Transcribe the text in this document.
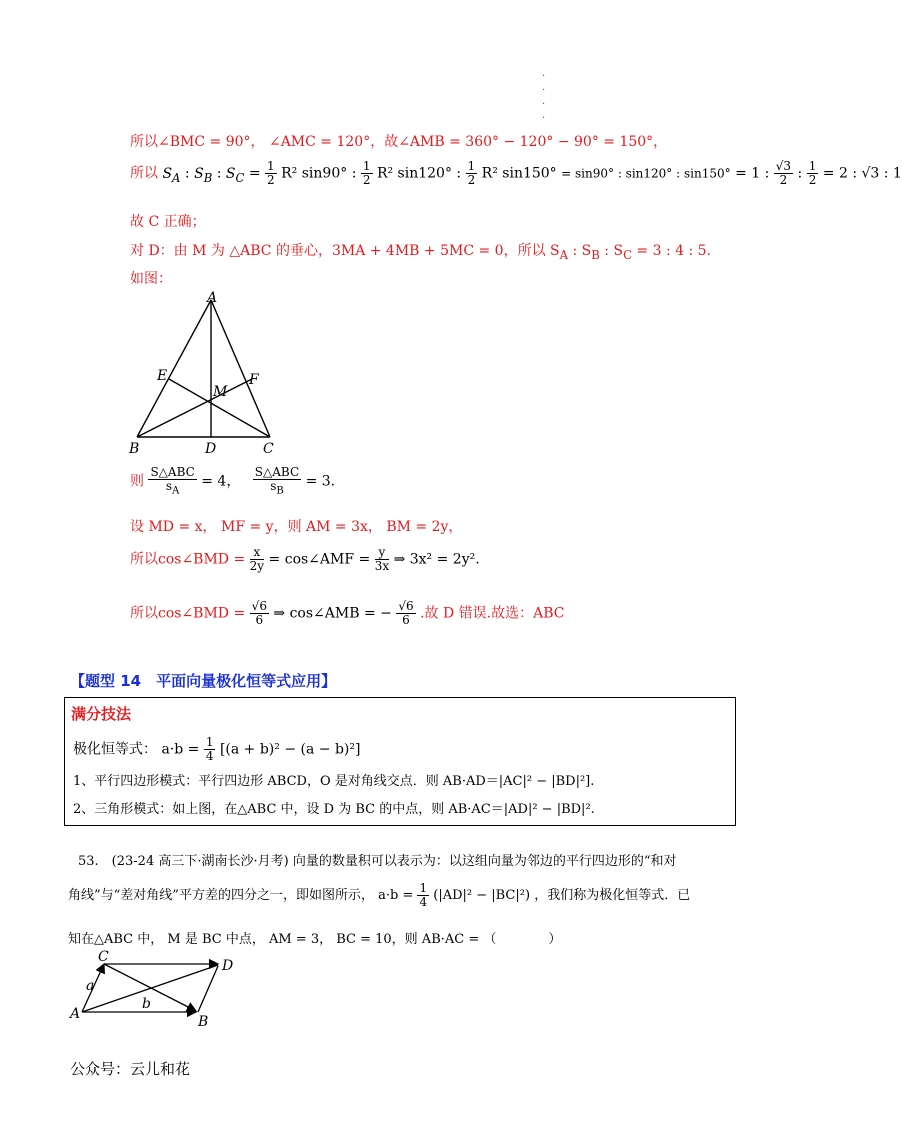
·
·
·
·
所以∠BMC = 90°， ∠AMC = 120°，故∠AMB = 360° − 120° − 90° = 150°，
所以 $S_A$ : $S_B$ : $S_C = \frac{1}{2} R^2$ sin90° : $\frac{1}{2} R^2$ sin120° : $\frac{1}{2} R^2$ sin150° = sin90° : sin120° : sin150° = 1 : $\frac{√3}{2}$ : $\frac{1}{2} = 2$ : √3 : 1
故 C 正确；
对 D：由 M 为 △ABC 的垂心，3MA + 4MB + 5MC = 0，所以 $S_A$ : $S_B$ : $S_C = 3$ : 4 : 5.
如图：
A
B	C
D
E	F
M
则 $\frac{\text{S△ABC}}{s_A} = 4$， $\frac{\text{S△ABC}}{s_B} = 3$.
设 MD = x， MF = y，则 AM = 3x， BM = 2y，
所以cos∠BMD = $\frac{x}{2y}$ = cos∠AMF = $\frac{y}{3x}$ ⇒ 3x² = 2y².
所以cos∠BMD = $\frac{√6}{6}$ ⇒ cos∠AMB = − $\frac{√6}{6}$ .故 D 错误.故选：ABC
【题型 14　平面向量极化恒等式应用】
满分技法
极化恒等式： $a\cdot b = \frac{1}{4} [(a + b)^2 - (a - b)^2]$
1、平行四边形模式：平行四边形 ABCD，O 是对角线交点．则 AB·AD＝|AC|² − |BD|²].
2、三角形模式：如上图，在△ABC 中，设 D 为 BC 的中点，则 AB·AC＝|AD|² − |BD|².
53.　(23-24 高三下·湖南长沙·月考) 向量的数量积可以表示为：以这组向量为邻边的平行四边形的“和对
角线”与“差对角线”平方差的四分之一，即如图所示， $a\cdot b = \frac{1}{4} (|AD|^2 - |BC|^2)$ ，我们称为极化恒等式．已
知在△ABC 中， M 是 BC 中点， AM = 3， BC = 10，则 AB·AC = （　　　　）
A	B
C
D
a
b
公众号：云儿和花
